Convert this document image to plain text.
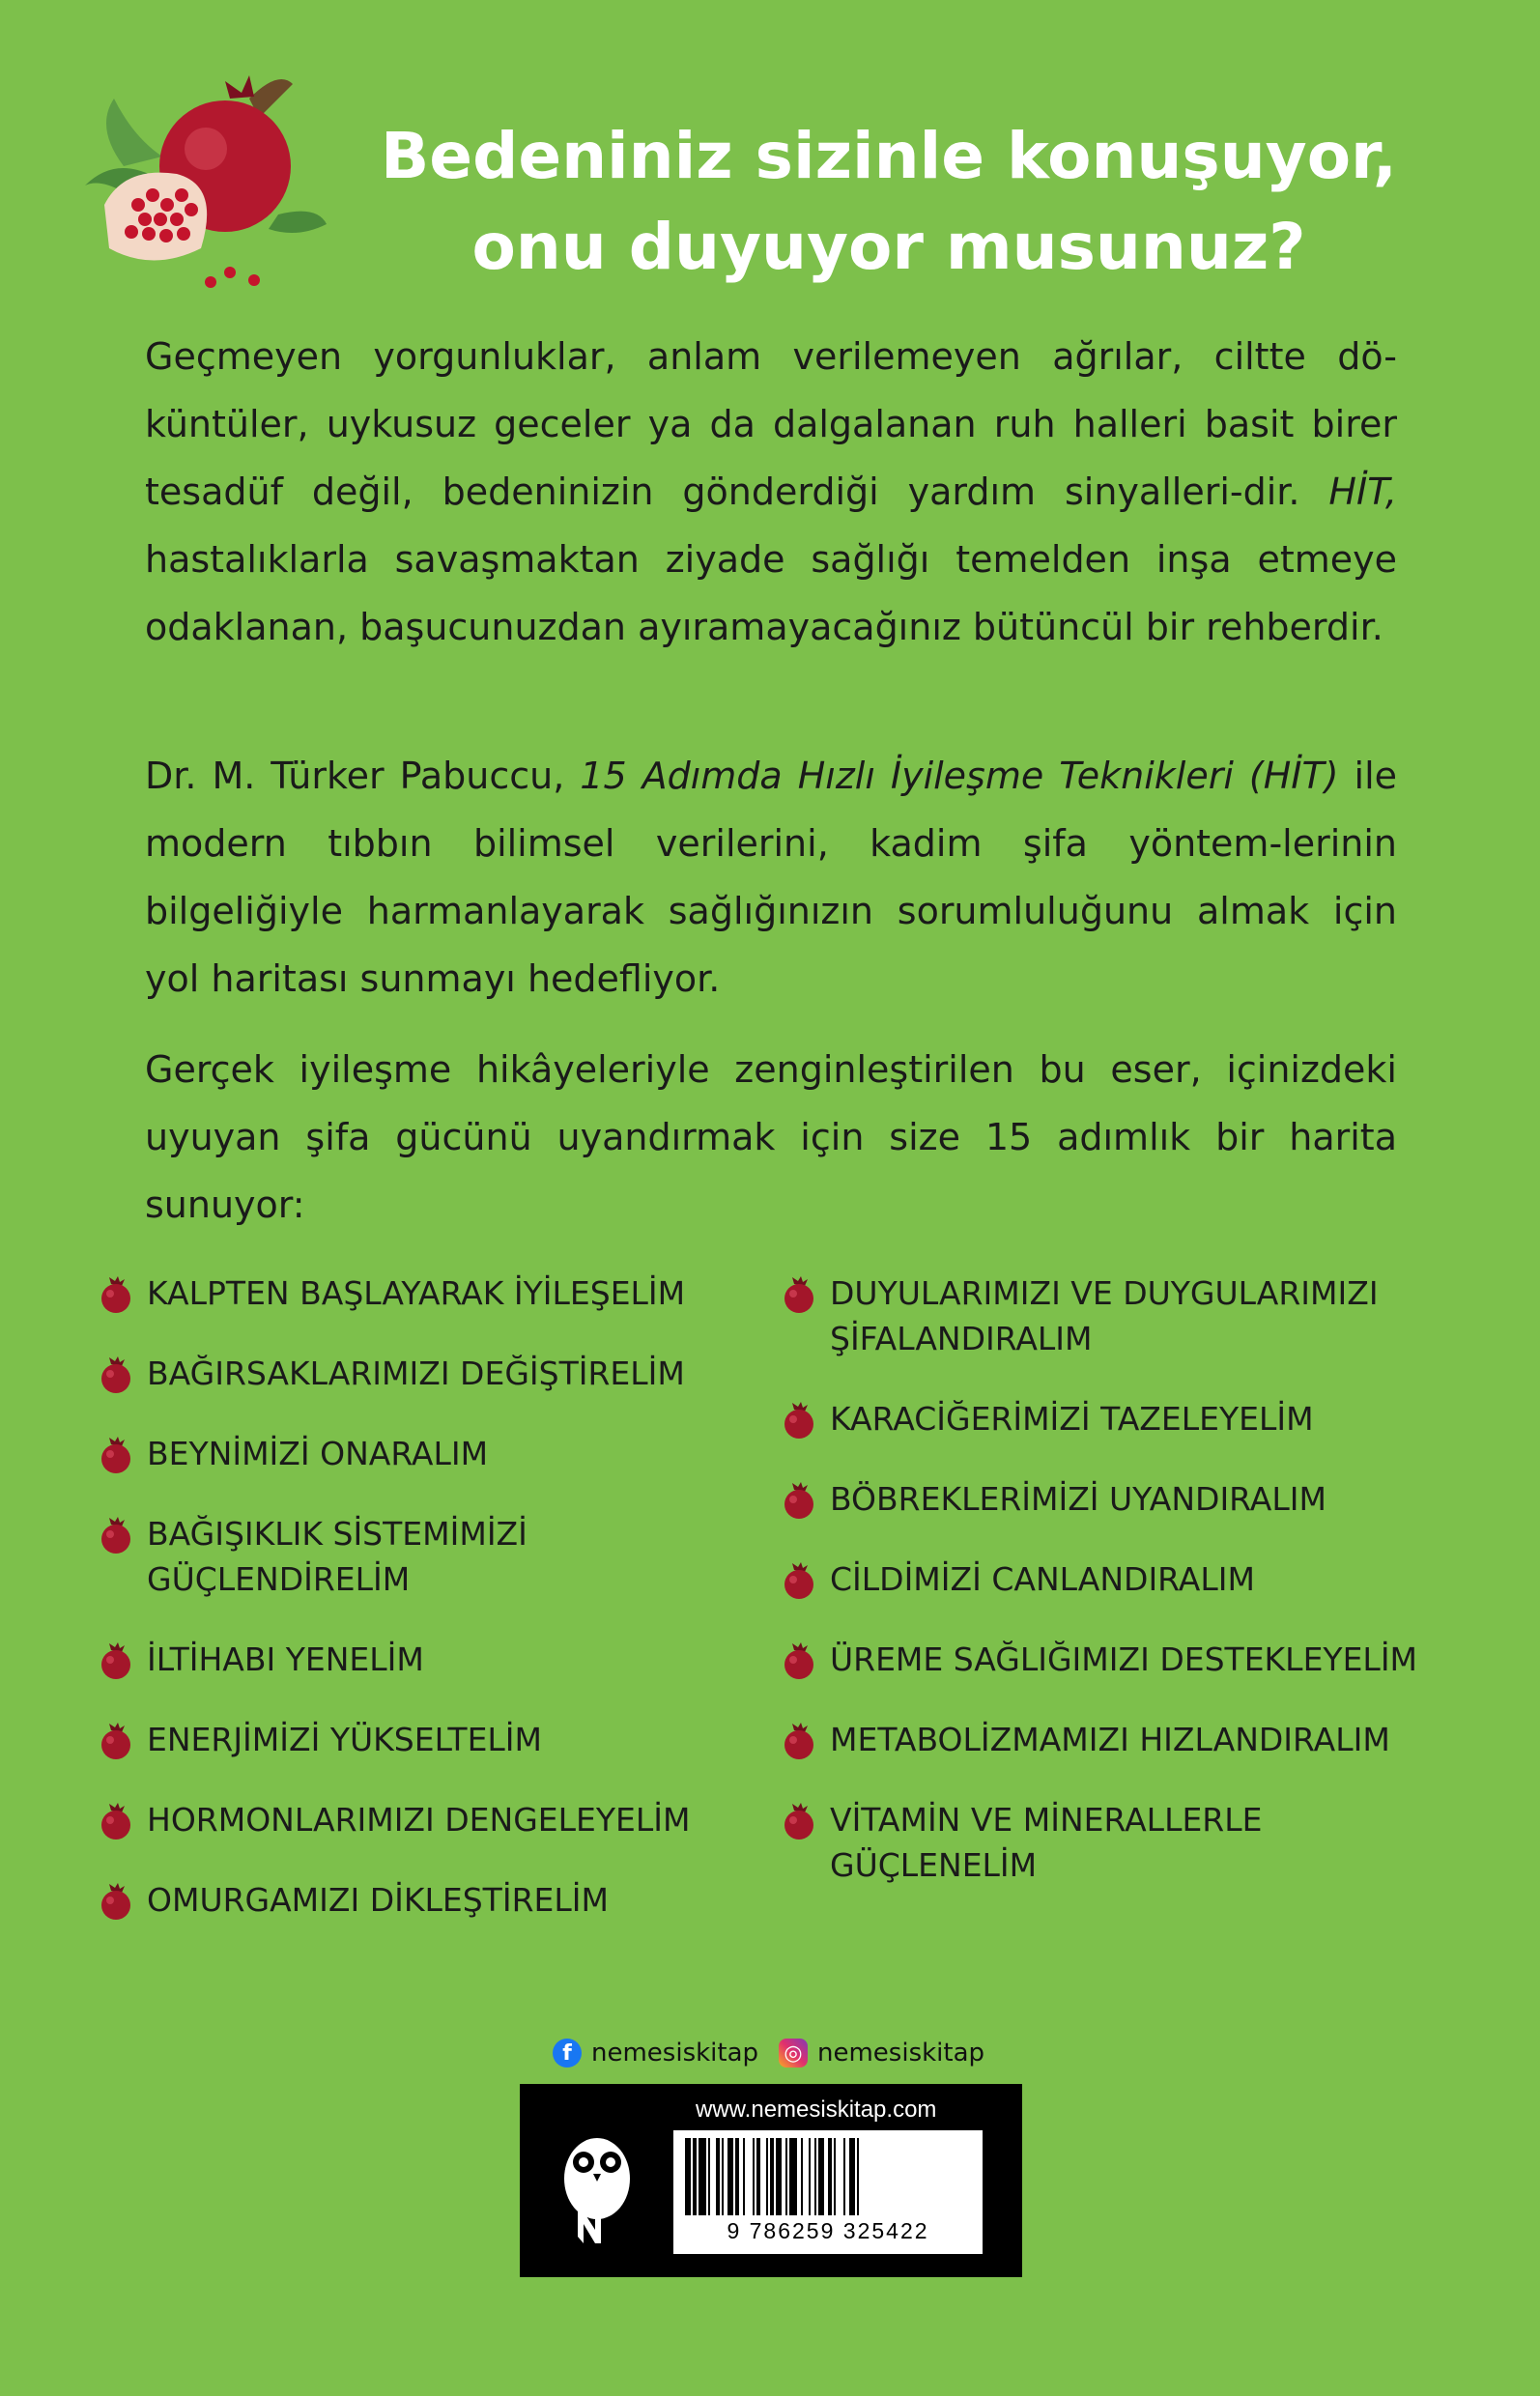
Bedeniniz sizinle konuşuyor,
onu duyuyor musunuz?

Geçmeyen yorgunluklar, anlam verilemeyen ağrılar, ciltte dö-küntüler, uykusuz geceler ya da dalgalanan ruh halleri basit birer tesadüf değil, bedeninizin gönderdiği yardım sinyalleri-dir. HİT, hastalıklarla savaşmaktan ziyade sağlığı temelden inşa etmeye odaklanan, başucunuzdan ayıramayacağınız bütüncül bir rehberdir.

Dr. M. Türker Pabuccu, 15 Adımda Hızlı İyileşme Teknikleri (HİT) ile modern tıbbın bilimsel verilerini, kadim şifa yöntem-lerinin bilgeliğiyle harmanlayarak sağlığınızın sorumluluğunu almak için yol haritası sunmayı hedefliyor.

Gerçek iyileşme hikâyeleriyle zenginleştirilen bu eser, içinizdeki uyuyan şifa gücünü uyandırmak için size 15 adımlık bir harita sunuyor:

KALPTEN BAŞLAYARAK İYİLEŞELİM
BAĞIRSAKLARIMIZI DEĞİŞTİRELİM
BEYNİMİZİ ONARALIM
BAĞIŞIKLIK SİSTEMİMİZİ GÜÇLENDİRELİM
İLTİHABI YENELİM
ENERJİMİZİ YÜKSELTELİM
HORMONLARIMIZI DENGELEYELİM
OMURGAMIZI DİKLEŞTİRELİM
DUYULARIMIZI VE DUYGULARIMIZI ŞİFALANDIRALIM
KARACİĞERİMİZİ TAZELEYELİM
BÖBREKLERİMİZİ UYANDIRALIM
CİLDİMİZİ CANLANDIRALIM
ÜREME SAĞLIĞIMIZI DESTEKLEYELİM
METABOLİZMAMIZI HIZLANDIRALIM
VİTAMİN VE MİNERALLERLE GÜÇLENELİM
f nemesiskitap ◎ nemesiskitap
www.nemesiskitap.com
9 786259 325422	KDV'den muaftır.
